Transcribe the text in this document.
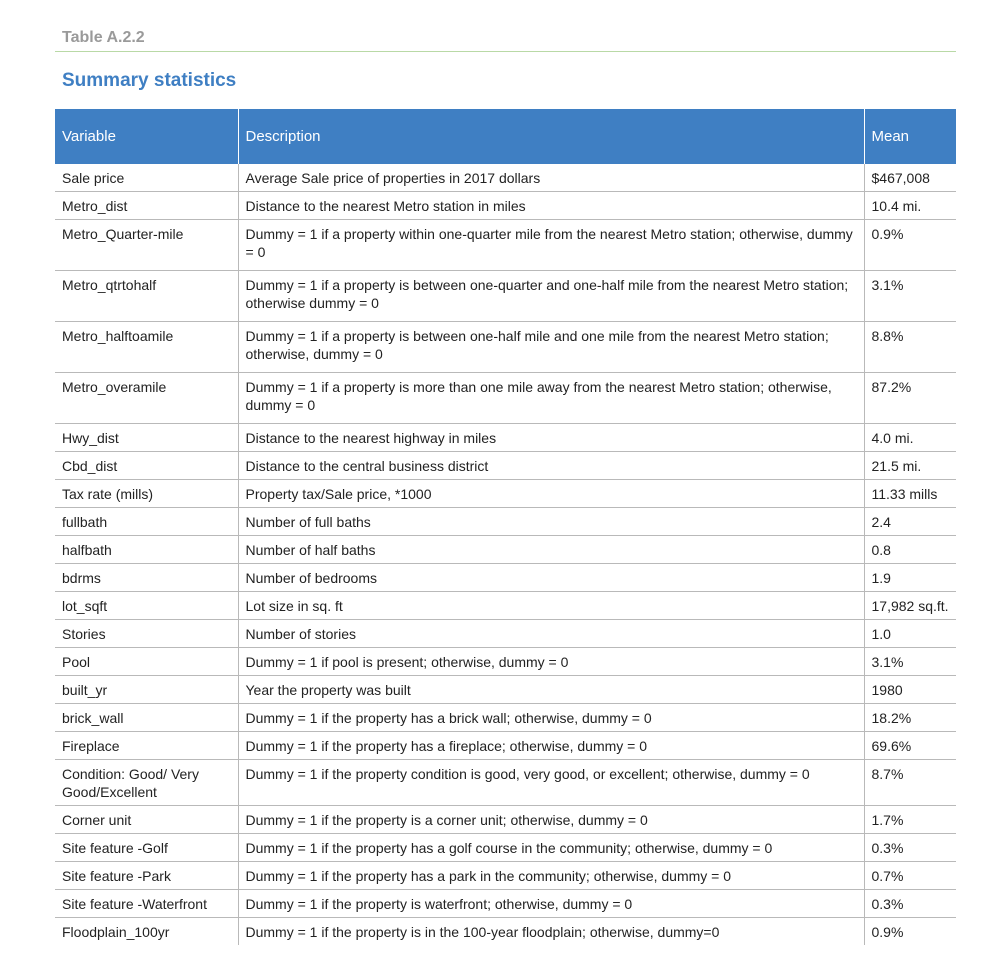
Table A.2.2
Summary statistics
Variable	Description	Mean
Sale price	Average Sale price of properties in 2017 dollars	$467,008
Metro_dist	Distance to the nearest Metro station in miles	10.4 mi.
Metro_Quarter-mile	Dummy = 1 if a property within one-quarter mile from the nearest Metro station; otherwise, dummy = 0	0.9%
Metro_qtrtohalf	Dummy = 1 if a property is between one-quarter and one-half mile from the nearest Metro station; otherwise dummy = 0	3.1%
Metro_halftoamile	Dummy = 1 if a property is between one-half mile and one mile from the nearest Metro station; otherwise, dummy = 0	8.8%
Metro_overamile	Dummy = 1 if a property is more than one mile away from the nearest Metro station; otherwise, dummy = 0	87.2%
Hwy_dist	Distance to the nearest highway in miles	4.0 mi.
Cbd_dist	Distance to the central business district	21.5 mi.
Tax rate (mills)	Property tax/Sale price, *1000	11.33 mills
fullbath	Number of full baths	2.4
halfbath	Number of half baths	0.8
bdrms	Number of bedrooms	1.9
lot_sqft	Lot size in sq. ft	17,982 sq.ft.
Stories	Number of stories	1.0
Pool	Dummy = 1 if pool is present; otherwise, dummy = 0	3.1%
built_yr	Year the property was built	1980
brick_wall	Dummy = 1 if the property has a brick wall; otherwise, dummy = 0	18.2%
Fireplace	Dummy = 1 if the property has a fireplace; otherwise, dummy = 0	69.6%
Condition: Good/ Very Good/Excellent	Dummy = 1 if the property condition is good, very good, or excellent; otherwise, dummy = 0	8.7%
Corner unit	Dummy = 1 if the property is a corner unit; otherwise, dummy = 0	1.7%
Site feature -Golf	Dummy = 1 if the property has a golf course in the community; otherwise, dummy = 0	0.3%
Site feature -Park	Dummy = 1 if the property has a park in the community; otherwise, dummy = 0	0.7%
Site feature -Waterfront	Dummy = 1 if the property is waterfront; otherwise, dummy = 0	0.3%
Floodplain_100yr	Dummy = 1 if the property is in the 100-year floodplain; otherwise, dummy=0	0.9%
